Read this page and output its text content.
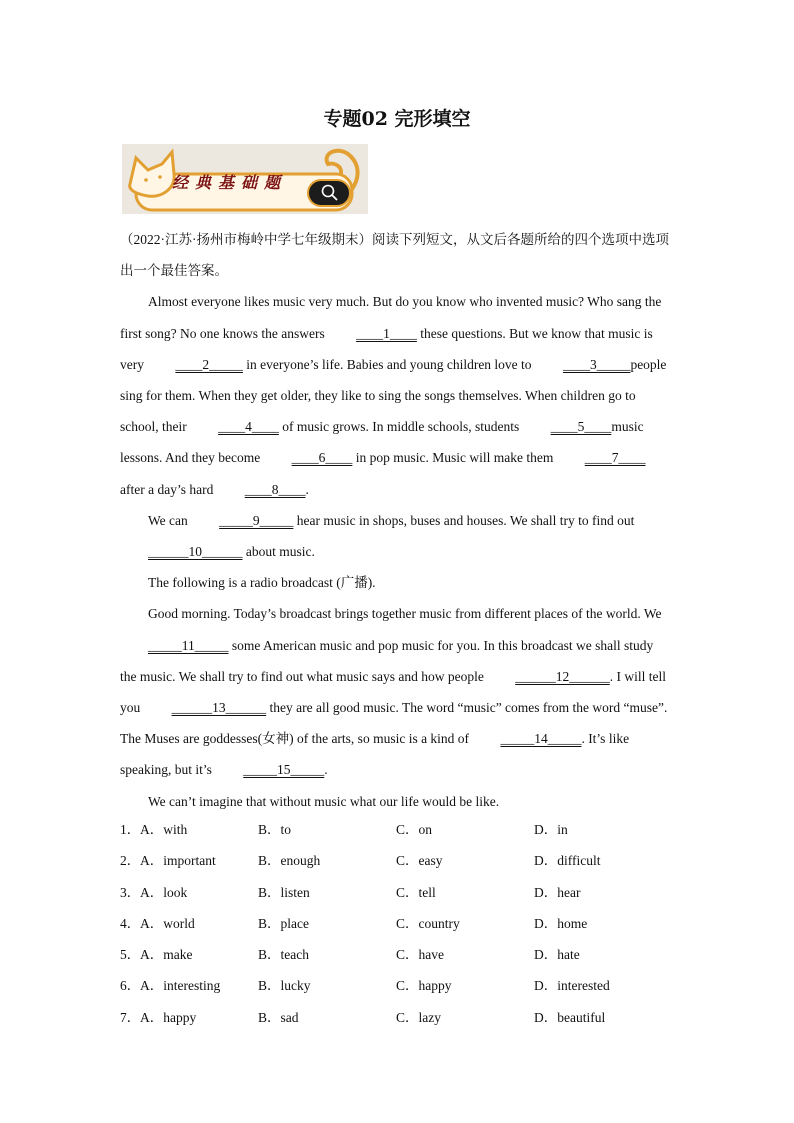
专题02 完形填空
经典基础题

（2022·江苏·扬州市梅岭中学七年级期末）阅读下列短文，从文后各题所给的四个选项中选项出一个最佳答案。

Almost everyone likes music very much. But do you know who invented music? Who sang the first song? No one knows the answers ____1____ these questions. But we know that music is very ____2_____ in everyone’s life. Babies and young children love to ____3_____people sing for them. When they get older, they like to sing the songs themselves. When children go to school, their ____4____ of music grows. In middle schools, students ____5____music lessons. And they become ____6____ in pop music. Music will make them ____7____ after a day’s hard ____8____.

We can _____9_____ hear music in shops, buses and houses. We shall try to find out ______10______ about music.

The following is a radio broadcast (广播).

Good morning. Today’s broadcast brings together music from different places of the world. We_____11_____ some American music and pop music for you. In this broadcast we shall study the music. We shall try to find out what music says and how people ______12______. I will tell you ______13______ they are all good music. The word “music” comes from the word “muse”. The Muses are goddesses(女神) of the arts, so music is a kind of _____14_____. It’s like speaking, but it’s _____15_____.

We can’t imagine that without music what our life would be like.

1． A．with	B．to	C．on	D．in
2． A．important	B．enough	C．easy	D．difficult
3． A．look	B．listen	C．tell	D．hear
4． A．world	B．place	C．country	D．home
5． A．make	B．teach	C．have	D．hate
6． A．interesting	B．lucky	C．happy	D．interested
7． A．happy	B．sad	C．lazy	D．beautiful
